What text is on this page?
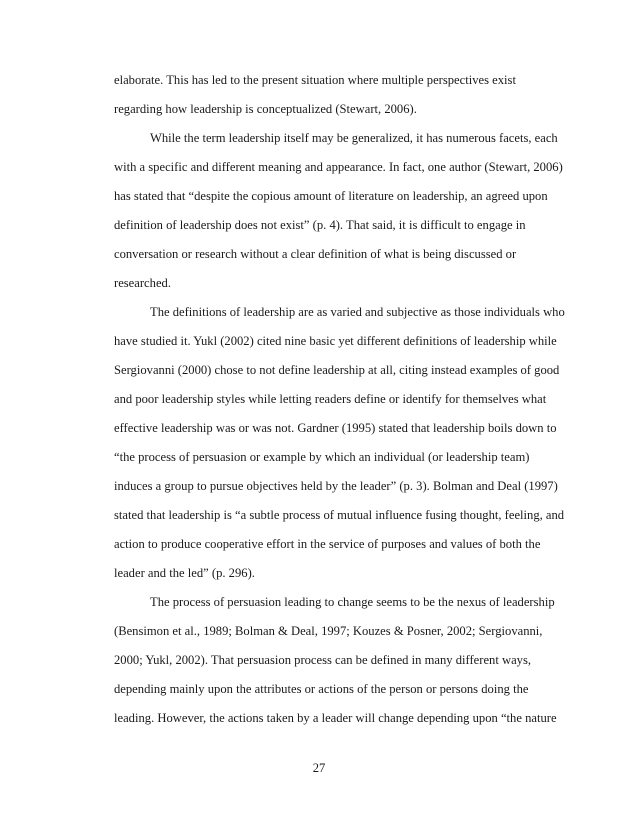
elaborate. This has led to the present situation where multiple perspectives exist
regarding how leadership is conceptualized (Stewart, 2006).
While the term leadership itself may be generalized, it has numerous facets, each
with a specific and different meaning and appearance. In fact, one author (Stewart, 2006)
has stated that “despite the copious amount of literature on leadership, an agreed upon
definition of leadership does not exist” (p. 4). That said, it is difficult to engage in
conversation or research without a clear definition of what is being discussed or
researched.
The definitions of leadership are as varied and subjective as those individuals who
have studied it. Yukl (2002) cited nine basic yet different definitions of leadership while
Sergiovanni (2000) chose to not define leadership at all, citing instead examples of good
and poor leadership styles while letting readers define or identify for themselves what
effective leadership was or was not. Gardner (1995) stated that leadership boils down to
“the process of persuasion or example by which an individual (or leadership team)
induces a group to pursue objectives held by the leader” (p. 3). Bolman and Deal (1997)
stated that leadership is “a subtle process of mutual influence fusing thought, feeling, and
action to produce cooperative effort in the service of purposes and values of both the
leader and the led” (p. 296).
The process of persuasion leading to change seems to be the nexus of leadership
(Bensimon et al., 1989; Bolman & Deal, 1997; Kouzes & Posner, 2002; Sergiovanni,
2000; Yukl, 2002). That persuasion process can be defined in many different ways,
depending mainly upon the attributes or actions of the person or persons doing the
leading. However, the actions taken by a leader will change depending upon “the nature
27
